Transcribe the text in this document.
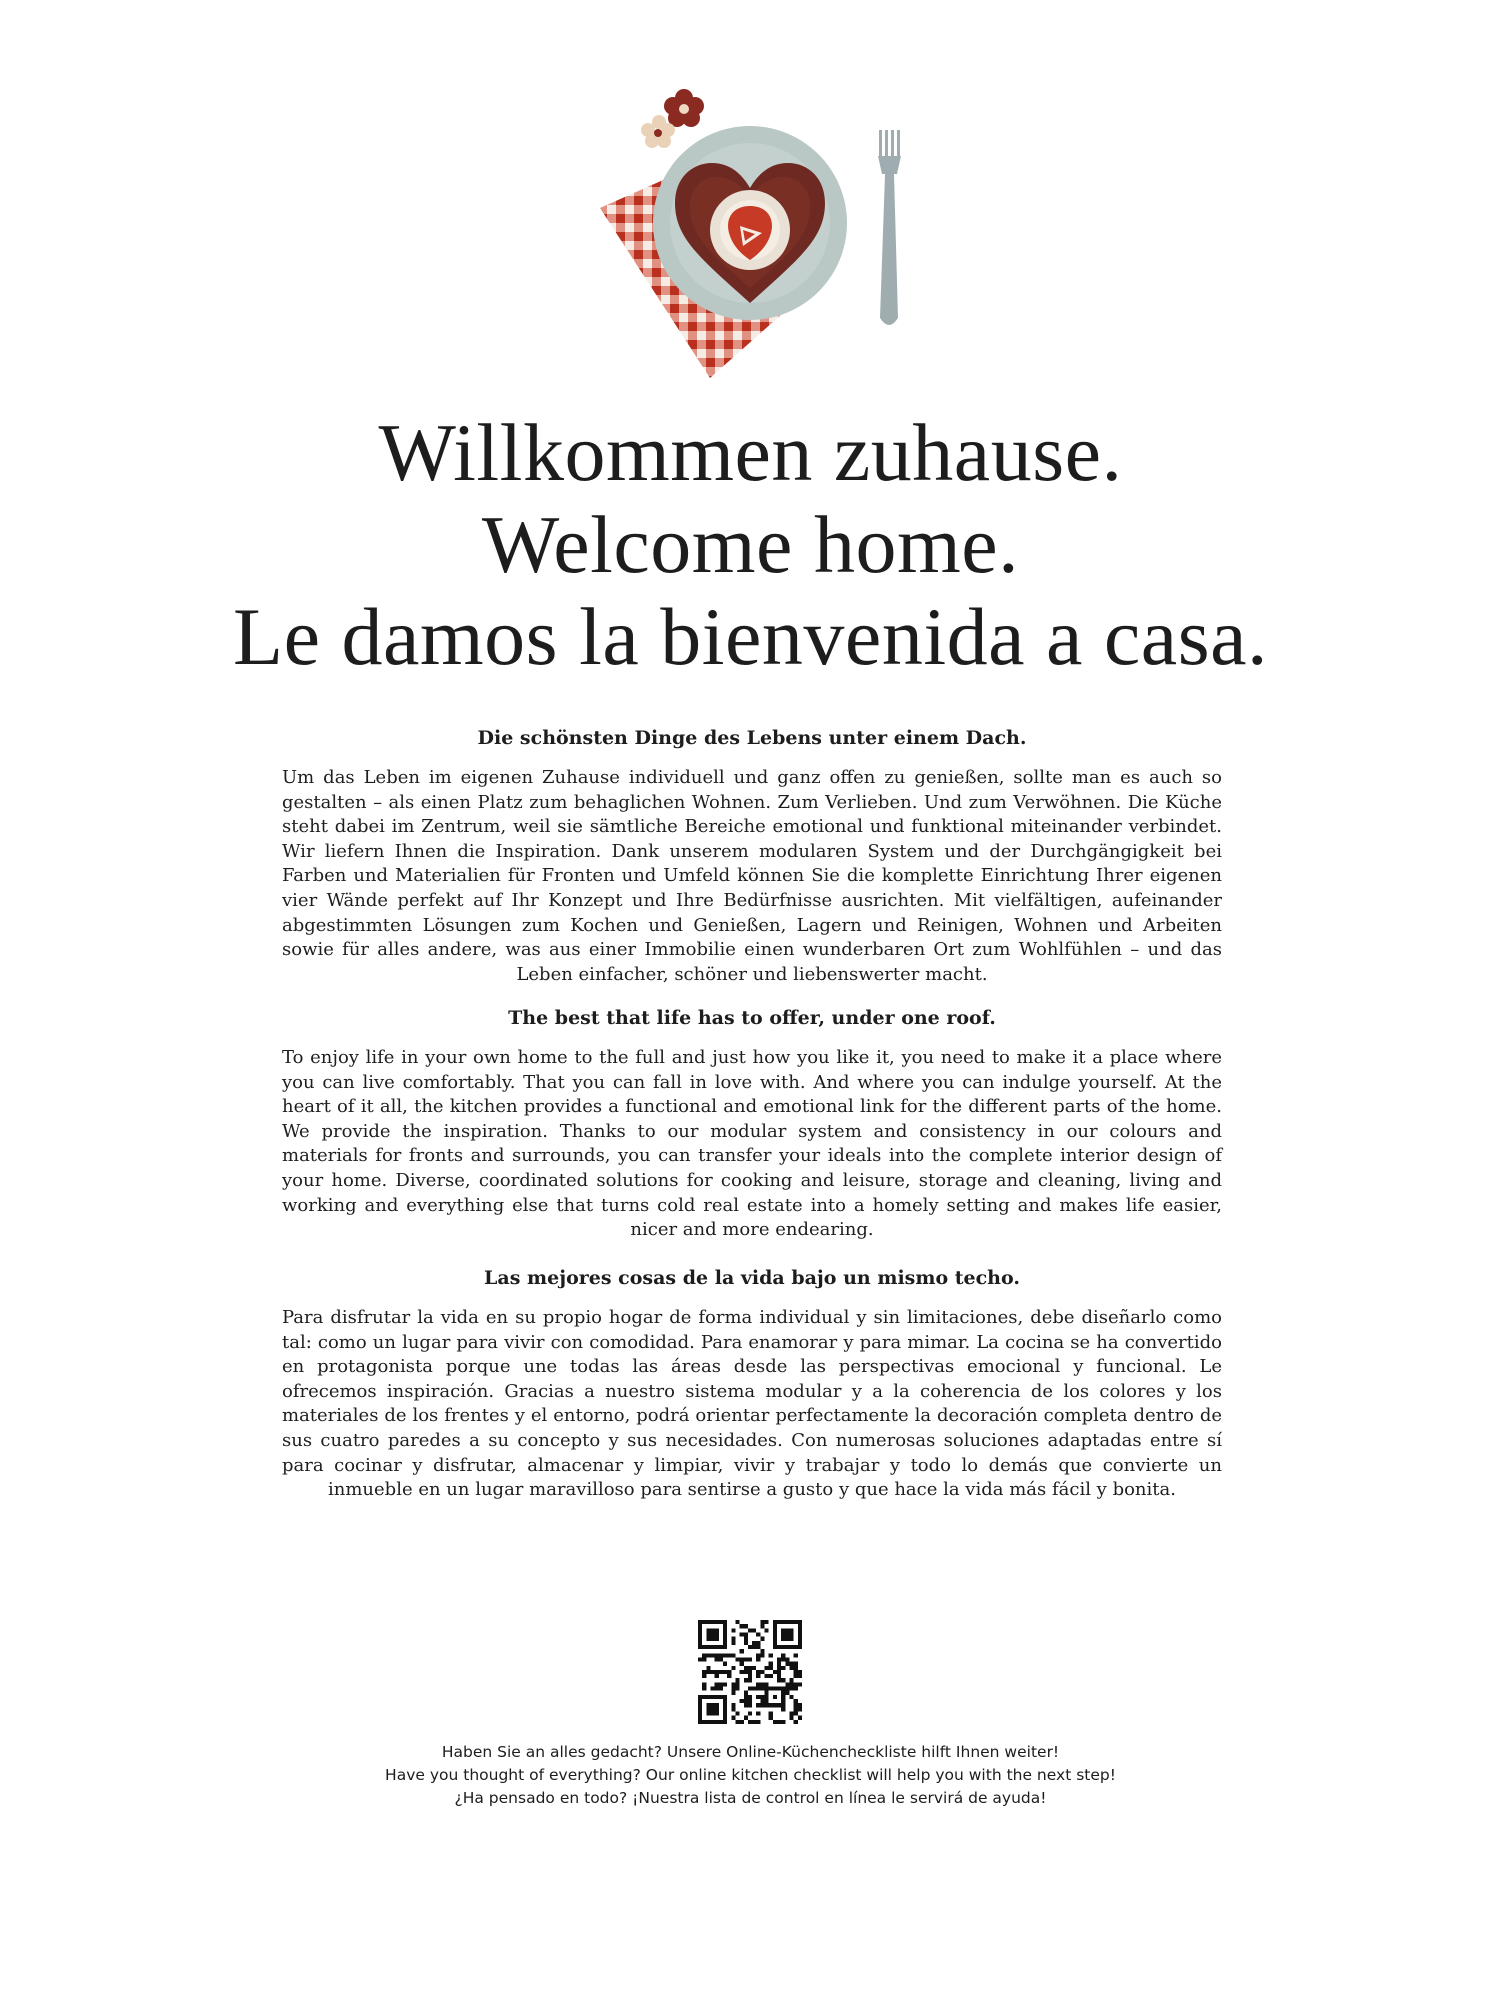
Willkommen zuhause.
Welcome home.
Le damos la bienvenida a casa.
Die schönsten Dinge des Lebens unter einem Dach.

Um das Leben im eigenen Zuhause individuell und ganz offen zu genießen, sollte man es auch so gestalten – als einen Platz zum behaglichen Wohnen. Zum Verlieben. Und zum Verwöhnen. Die Küche steht dabei im Zentrum, weil sie sämtliche Bereiche emotional und funktional miteinander verbindet. Wir liefern Ihnen die Inspiration. Dank unserem modularen System und der Durchgängigkeit bei Farben und Materialien für Fronten und Umfeld können Sie die komplette Einrichtung Ihrer eigenen vier Wände perfekt auf Ihr Konzept und Ihre Bedürfnisse ausrichten. Mit vielfältigen, aufeinander abgestimmten Lösungen zum Kochen und Genießen, Lagern und Reinigen, Wohnen und Arbeiten sowie für alles andere, was aus einer Immobilie einen wunderbaren Ort zum Wohlfühlen – und das Leben einfacher, schöner und liebenswerter macht.

The best that life has to offer, under one roof.

To enjoy life in your own home to the full and just how you like it, you need to make it a place where you can live comfortably. That you can fall in love with. And where you can indulge yourself. At the heart of it all, the kitchen provides a functional and emotional link for the different parts of the home. We provide the inspiration. Thanks to our modular system and consistency in our colours and materials for fronts and surrounds, you can transfer your ideals into the complete interior design of your home. Diverse, coordinated solutions for cooking and leisure, storage and cleaning, living and working and everything else that turns cold real estate into a homely setting and makes life easier, nicer and more endearing.

Las mejores cosas de la vida bajo un mismo techo.

Para disfrutar la vida en su propio hogar de forma individual y sin limitaciones, debe diseñarlo como tal: como un lugar para vivir con comodidad. Para enamorar y para mimar. La cocina se ha convertido en protagonista porque une todas las áreas desde las perspectivas emocional y funcional. Le ofrecemos inspiración. Gracias a nuestro sistema modular y a la coherencia de los colores y los materiales de los frentes y el entorno, podrá orientar perfectamente la decoración completa dentro de sus cuatro paredes a su concepto y sus necesidades. Con numerosas soluciones adaptadas entre sí para cocinar y disfrutar, almacenar y limpiar, vivir y trabajar y todo lo demás que convierte un inmueble en un lugar maravilloso para sentirse a gusto y que hace la vida más fácil y bonita.

Haben Sie an alles gedacht? Unsere Online-Küchencheckliste hilft Ihnen weiter!
Have you thought of everything? Our online kitchen checklist will help you with the next step!
¿Ha pensado en todo? ¡Nuestra lista de control en línea le servirá de ayuda!
